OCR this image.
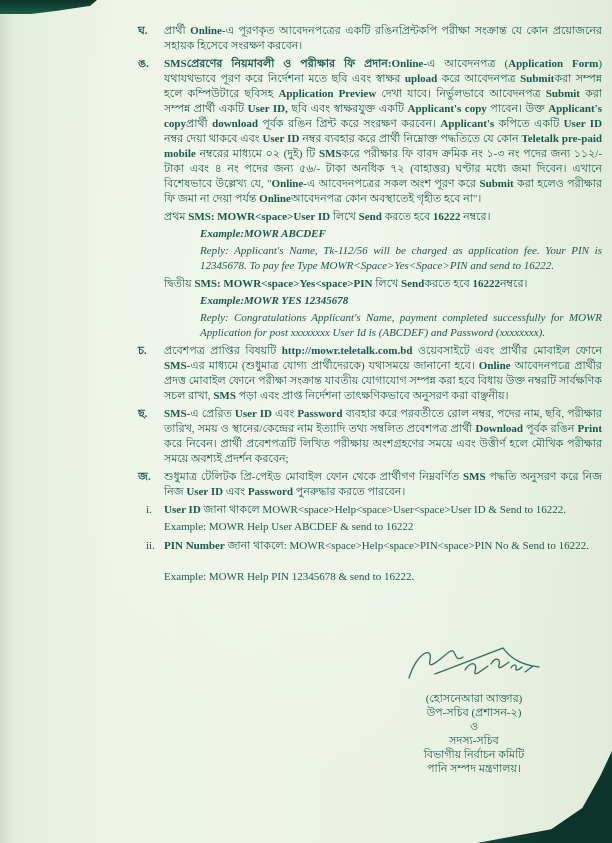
ঘ.	প্রার্থী Online-এ পূরণকৃত আবেদনপত্রের একটি রঙিনপ্রিন্টকপি পরীক্ষা সংক্রান্ত যে কোন প্রয়োজনের সহায়ক হিসেবে সংরক্ষণ করবেন।
ঙ.	SMSপ্রেরণের নিয়মাবলী ও পরীক্ষার ফি প্রদান:Online-এ আবেদনপত্র (Application Form) যথাযথভাবে পূরণ করে নির্দেশনা মতে ছবি এবং স্বাক্ষর upload করে আবেদনপত্র Submitকরা সম্পন্ন হলে কম্পিউটারে ছবিসহ Application Preview দেখা যাবে। নির্ভুলভাবে আবেদনপত্র Submit করা সম্পন্ন প্রার্থী একটি User ID, ছবি এবং স্বাক্ষরযুক্ত একটি Applicant's copy পাবেন। উক্ত Applicant's copyপ্রার্থী download পূর্বক রঙিন প্রিন্ট করে সংরক্ষণ করবেন। Applicant's কপিতে একটি User ID নম্বর দেয়া থাকবে এবং User ID নম্বর ব্যবহার করে প্রার্থী নিম্নোক্ত পদ্ধতিতে যে কোন Teletalk pre-paid mobile নম্বরের মাধ্যমে ০২ (দুই) টি SMSকরে পরীক্ষার ফি বাবদ ক্রমিক নং ১-৩ নং পদের জন্য ১১২/- টাকা এবং ৪ নং পদের জন্য ৫৬/- টাকা অনধিক ৭২ (বাহাত্তর) ঘণ্টার মধ্যে জমা দিবেন। এখানে বিশেষভাবে উল্লেখ্য যে, "Online-এ আবেদনপত্রের সকল অংশ পূরণ করে Submit করা হলেও পরীক্ষার ফি জমা না দেয়া পর্যন্ত Onlineআবেদনপত্র কোন অবস্থাতেই গৃহীত হবে না"।
প্রথম SMS: MOWR<space>User ID লিখে Send করতে হবে 16222 নম্বরে।
Example:MOWR ABCDEF
Reply: Applicant's Name, Tk-112/56 will be charged as application fee. Your PIN is 12345678. To pay fee Type MOWR<Space>Yes<Space>PIN and send to 16222.
দ্বিতীয় SMS: MOWR<space>Yes<space>PIN লিখে Sendকরতে হবে 16222নম্বরে।
Example:MOWR YES 12345678
Reply: Congratulations Applicant's Name, payment completed successfully for MOWR Application for post xxxxxxxx User Id is (ABCDEF) and Password (xxxxxxxx).
চ.	প্রবেশপত্র প্রাপ্তির বিষয়টি http://mowr.teletalk.com.bd ওয়েবসাইটে এবং প্রার্থীর মোবাইল ফোনে SMS-এর মাধ্যমে (শুধুমাত্র যোগ্য প্রার্থীদেরকে) যথাসময়ে জানানো হবে। Online আবেদনপত্রে প্রার্থীর প্রদত্ত মোবাইল ফোনে পরীক্ষা সংক্রান্ত যাবতীয় যোগাযোগ সম্পন্ন করা হবে বিধায় উক্ত নম্বরটি সার্বক্ষণিক সচল রাখা, SMS পড়া এবং প্রাপ্ত নির্দেশনা তাৎক্ষণিকভাবে অনুসরণ করা বাঞ্ছনীয়।
ছ.	SMS-এ প্রেরিত User ID এবং Password ব্যবহার করে পরবর্তীতে রোল নম্বর, পদের নাম, ছবি, পরীক্ষার তারিখ, সময় ও স্থানের/কেন্দ্রের নাম ইত্যাদি তথ্য সম্বলিত প্রবেশপত্র প্রার্থী Download পূর্বক রঙিন Print করে নিবেন। প্রার্থী প্রবেশপত্রটি লিখিত পরীক্ষায় অংশগ্রহণের সময়ে এবং উত্তীর্ণ হলে মৌখিক পরীক্ষার সময়ে অবশ্যই প্রদর্শন করবেন;
জ.	শুধুমাত্র টেলিটক প্রি-পেইড মোবাইল ফোন থেকে প্রার্থীগণ নিম্নবর্ণিত SMS পদ্ধতি অনুসরণ করে নিজ নিজ User ID এবং Password পুনরুদ্ধার করতে পারবেন।
i.	User ID জানা থাকলে MOWR<space>Help<space>User<space>User ID & Send to 16222.
Example: MOWR Help User ABCDEF & send to 16222
ii. PIN Number জানা থাকলে: MOWR<space>Help<space>PIN<space>PIN No & Send to 16222.
Example: MOWR Help PIN 12345678 & send to 16222.
(হোসনেআরা আক্তার)
উপ-সচিব (প্রশাসন-২)
ও
সদস্য-সচিব
বিভাগীয় নির্বাচন কমিটি
পানি সম্পদ মন্ত্রণালয়।
